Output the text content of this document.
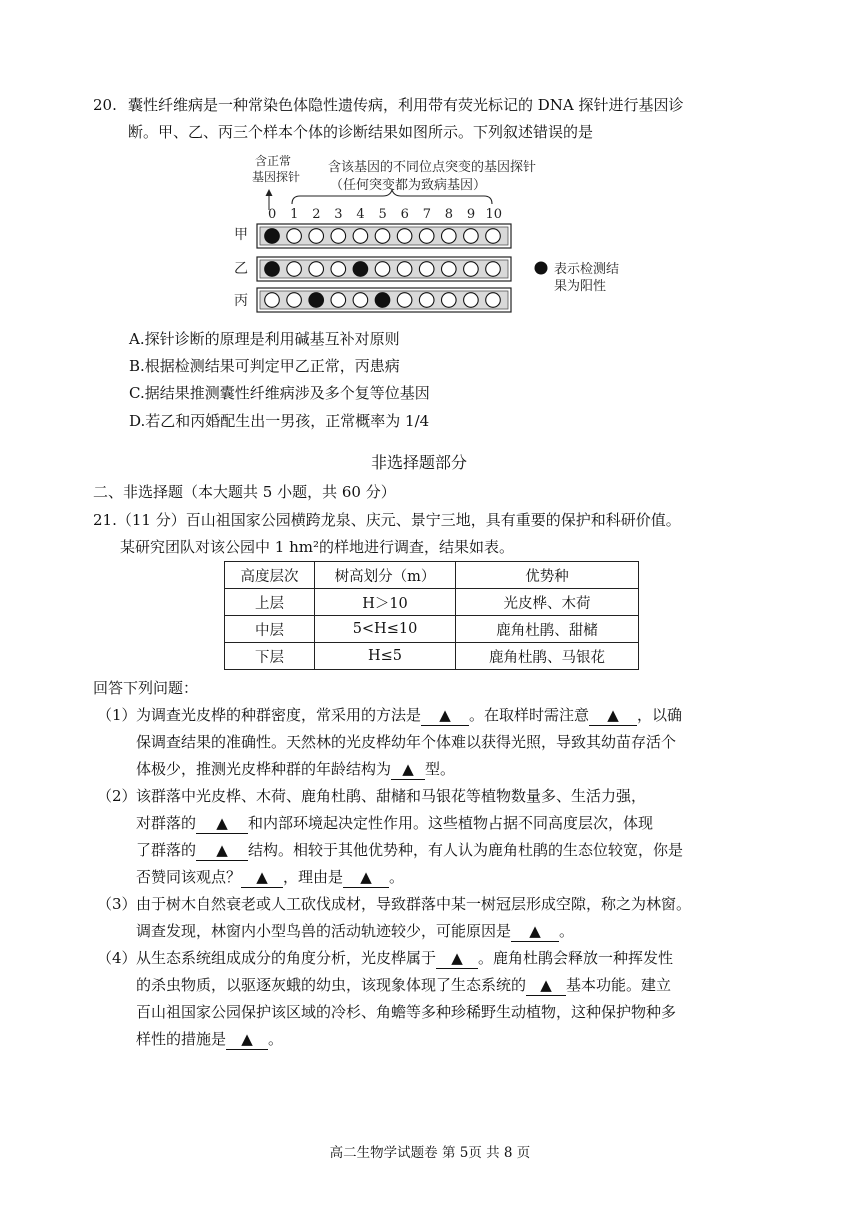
20. 囊性纤维病是一种常染色体隐性遗传病，利用带有荧光标记的 DNA 探针进行基因诊
断。甲、乙、丙三个样本个体的诊断结果如图所示。下列叙述错误的是
含正常
基因探针
含该基因的不同位点突变的基因探针
（任何突变都为致病基因）
0 1 2 3 4 5 6 7 8 9 10
甲
乙
丙
表示检测结
果为阳性
A.探针诊断的原理是利用碱基互补对原则
B.根据检测结果可判定甲乙正常，丙患病
C.据结果推测囊性纤维病涉及多个复等位基因
D.若乙和丙婚配生出一男孩，正常概率为 1/4
非选择题部分
二、非选择题（本大题共 5 小题，共 60 分）
21.（11 分）百山祖国家公园横跨龙泉、庆元、景宁三地，具有重要的保护和科研价值。
某研究团队对该公园中 1 hm²的样地进行调查，结果如表。
高度层次	树高划分（m）	优势种
上层	H＞10	光皮桦、木荷
中层	5<H≤10	鹿角杜鹃、甜槠
下层	H≤5	鹿角杜鹃、马银花
回答下列问题：
（1） 为调查光皮桦的种群密度，常采用的方法是 ▲ 。在取样时需注意 ▲ ，以确
保调查结果的准确性。天然林的光皮桦幼年个体难以获得光照，导致其幼苗存活个
体极少，推测光皮桦种群的年龄结构为 ▲ 型。
（2） 该群落中光皮桦、木荷、鹿角杜鹃、甜槠和马银花等植物数量多、生活力强，
对群落的 ▲ 和内部环境起决定性作用。这些植物占据不同高度层次，体现
了群落的 ▲ 结构。相较于其他优势种，有人认为鹿角杜鹃的生态位较宽，你是
否赞同该观点？ ▲ ，理由是 ▲ 。
（3） 由于树木自然衰老或人工砍伐成材，导致群落中某一树冠层形成空隙，称之为林窗。
调查发现，林窗内小型鸟兽的活动轨迹较少，可能原因是 ▲ 。
（4） 从生态系统组成成分的角度分析，光皮桦属于 ▲ 。鹿角杜鹃会释放一种挥发性
的杀虫物质，以驱逐灰蛾的幼虫，该现象体现了生态系统的 ▲ 基本功能。建立
百山祖国家公园保护该区域的冷杉、角蟾等多种珍稀野生动植物，这种保护物种多
样性的措施是 ▲ 。
高二生物学试题卷 第 5页 共 8 页
